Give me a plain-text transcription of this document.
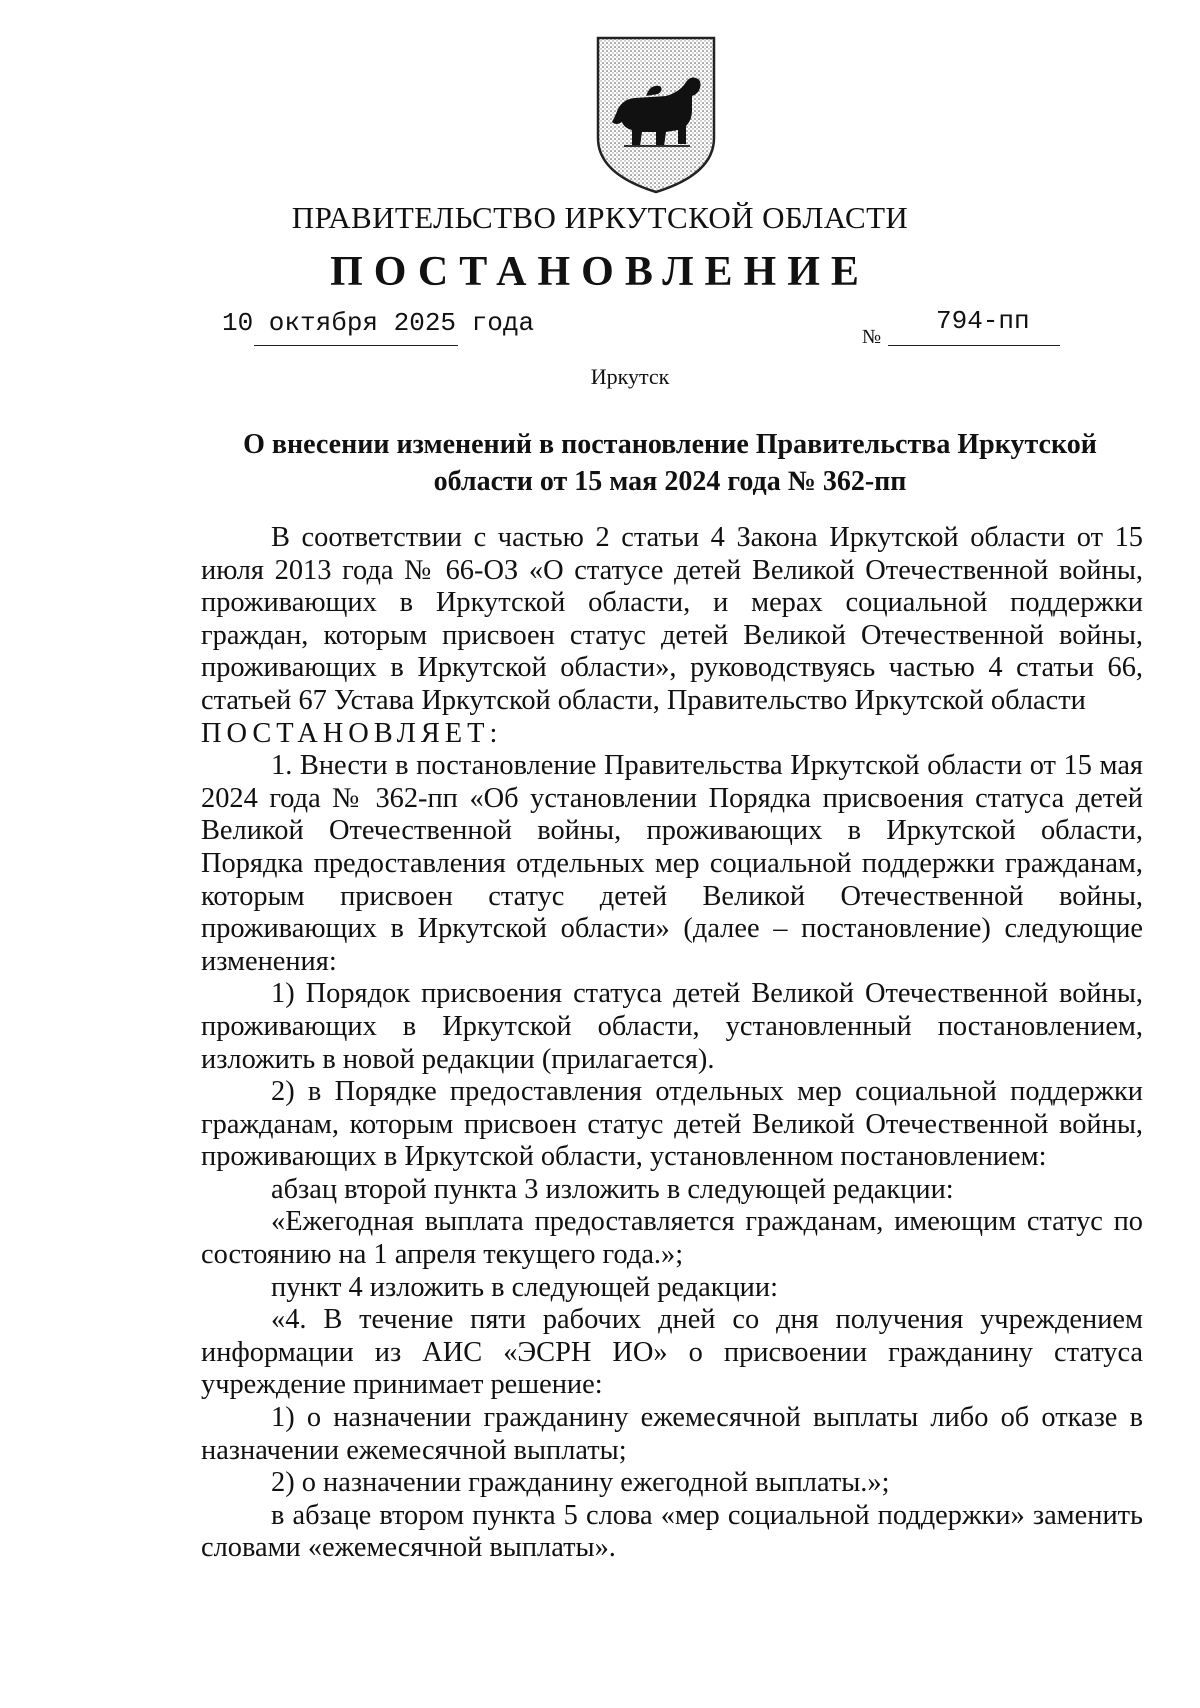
ПРАВИТЕЛЬСТВО ИРКУТСКОЙ ОБЛАСТИ
ПОСТАНОВЛЕНИЕ
10 октября 2025 года	№
794-пп
Иркутск
О внесении изменений в постановление Правительства Иркутской области от 15 мая 2024 года № 362-пп

В соответствии с частью 2 статьи 4 Закона Иркутской области от 15 июля 2013 года № 66-ОЗ «О статусе детей Великой Отечественной войны, проживающих в Иркутской области, и мерах социальной поддержки граждан, которым присвоен статус детей Великой Отечественной войны, проживающих в Иркутской области», руководствуясь частью 4 статьи 66, статьей 67 Устава Иркутской области, Правительство Иркутской области

ПОСТАНОВЛЯЕТ:

1. Внести в постановление Правительства Иркутской области от 15 мая 2024 года № 362-пп «Об установлении Порядка присвоения статуса детей Великой Отечественной войны, проживающих в Иркутской области, Порядка предоставления отдельных мер социальной поддержки гражданам, которым присвоен статус детей Великой Отечественной войны, проживающих в Иркутской области» (далее – постановление) следующие изменения:

1) Порядок присвоения статуса детей Великой Отечественной войны, проживающих в Иркутской области, установленный постановлением, изложить в новой редакции (прилагается).

2) в Порядке предоставления отдельных мер социальной поддержки гражданам, которым присвоен статус детей Великой Отечественной войны, проживающих в Иркутской области, установленном постановлением:

абзац второй пункта 3 изложить в следующей редакции:

«Ежегодная выплата предоставляется гражданам, имеющим статус по состоянию на 1 апреля текущего года.»;

пункт 4 изложить в следующей редакции:

«4. В течение пяти рабочих дней со дня получения учреждением информации из АИС «ЭСРН ИО» о присвоении гражданину статуса учреждение принимает решение:

1) о назначении гражданину ежемесячной выплаты либо об отказе в назначении ежемесячной выплаты;

2) о назначении гражданину ежегодной выплаты.»;

в абзаце втором пункта 5 слова «мер социальной поддержки» заменить словами «ежемесячной выплаты».
